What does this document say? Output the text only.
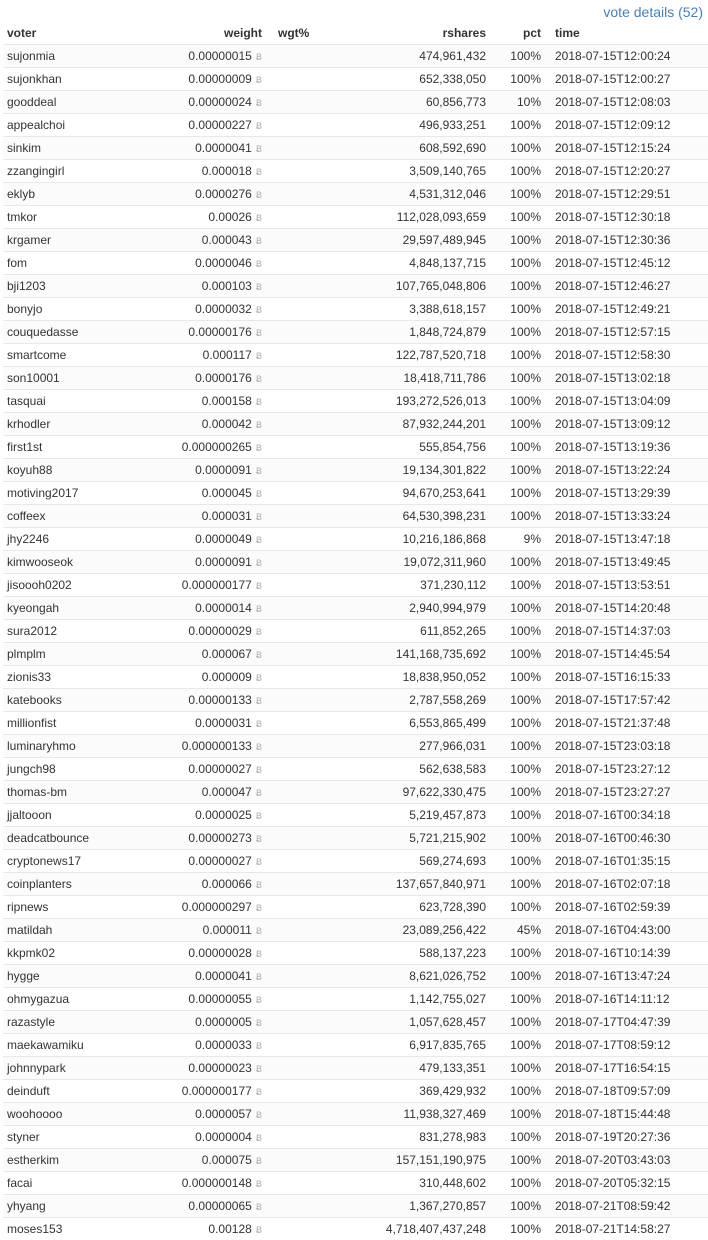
vote details (52)
voter	weight	wgt%	rshares	pct	time
sujonmia	0.00000015 Ƀ		474,961,432	100%	2018-07-15T12:00:24
sujonkhan	0.00000009 Ƀ		652,338,050	100%	2018-07-15T12:00:27
gooddeal	0.00000024 Ƀ		60,856,773	10%	2018-07-15T12:08:03
appealchoi	0.00000227 Ƀ		496,933,251	100%	2018-07-15T12:09:12
sinkim	0.0000041 Ƀ		608,592,690	100%	2018-07-15T12:15:24
zzangingirl	0.000018 Ƀ		3,509,140,765	100%	2018-07-15T12:20:27
eklyb	0.0000276 Ƀ		4,531,312,046	100%	2018-07-15T12:29:51
tmkor	0.00026 Ƀ		112,028,093,659	100%	2018-07-15T12:30:18
krgamer	0.000043 Ƀ		29,597,489,945	100%	2018-07-15T12:30:36
fom	0.0000046 Ƀ		4,848,137,715	100%	2018-07-15T12:45:12
bji1203	0.000103 Ƀ		107,765,048,806	100%	2018-07-15T12:46:27
bonyjo	0.0000032 Ƀ		3,388,618,157	100%	2018-07-15T12:49:21
couquedasse	0.00000176 Ƀ		1,848,724,879	100%	2018-07-15T12:57:15
smartcome	0.000117 Ƀ		122,787,520,718	100%	2018-07-15T12:58:30
son10001	0.0000176 Ƀ		18,418,711,786	100%	2018-07-15T13:02:18
tasquai	0.000158 Ƀ		193,272,526,013	100%	2018-07-15T13:04:09
krhodler	0.000042 Ƀ		87,932,244,201	100%	2018-07-15T13:09:12
first1st	0.000000265 Ƀ		555,854,756	100%	2018-07-15T13:19:36
koyuh88	0.0000091 Ƀ		19,134,301,822	100%	2018-07-15T13:22:24
motiving2017	0.000045 Ƀ		94,670,253,641	100%	2018-07-15T13:29:39
coffeex	0.000031 Ƀ		64,530,398,231	100%	2018-07-15T13:33:24
jhy2246	0.0000049 Ƀ		10,216,186,868	9%	2018-07-15T13:47:18
kimwooseok	0.0000091 Ƀ		19,072,311,960	100%	2018-07-15T13:49:45
jisoooh0202	0.000000177 Ƀ		371,230,112	100%	2018-07-15T13:53:51
kyeongah	0.0000014 Ƀ		2,940,994,979	100%	2018-07-15T14:20:48
sura2012	0.00000029 Ƀ		611,852,265	100%	2018-07-15T14:37:03
plmplm	0.000067 Ƀ		141,168,735,692	100%	2018-07-15T14:45:54
zionis33	0.000009 Ƀ		18,838,950,052	100%	2018-07-15T16:15:33
katebooks	0.00000133 Ƀ		2,787,558,269	100%	2018-07-15T17:57:42
millionfist	0.0000031 Ƀ		6,553,865,499	100%	2018-07-15T21:37:48
luminaryhmo	0.000000133 Ƀ		277,966,031	100%	2018-07-15T23:03:18
jungch98	0.00000027 Ƀ		562,638,583	100%	2018-07-15T23:27:12
thomas-bm	0.000047 Ƀ		97,622,330,475	100%	2018-07-15T23:27:27
jjaltooon	0.0000025 Ƀ		5,219,457,873	100%	2018-07-16T00:34:18
deadcatbounce	0.00000273 Ƀ		5,721,215,902	100%	2018-07-16T00:46:30
cryptonews17	0.00000027 Ƀ		569,274,693	100%	2018-07-16T01:35:15
coinplanters	0.000066 Ƀ		137,657,840,971	100%	2018-07-16T02:07:18
ripnews	0.000000297 Ƀ		623,728,390	100%	2018-07-16T02:59:39
matildah	0.000011 Ƀ		23,089,256,422	45%	2018-07-16T04:43:00
kkpmk02	0.00000028 Ƀ		588,137,223	100%	2018-07-16T10:14:39
hygge	0.0000041 Ƀ		8,621,026,752	100%	2018-07-16T13:47:24
ohmygazua	0.00000055 Ƀ		1,142,755,027	100%	2018-07-16T14:11:12
razastyle	0.0000005 Ƀ		1,057,628,457	100%	2018-07-17T04:47:39
maekawamiku	0.0000033 Ƀ		6,917,835,765	100%	2018-07-17T08:59:12
johnnypark	0.00000023 Ƀ		479,133,351	100%	2018-07-17T16:54:15
deinduft	0.000000177 Ƀ		369,429,932	100%	2018-07-18T09:57:09
woohoooo	0.0000057 Ƀ		11,938,327,469	100%	2018-07-18T15:44:48
styner	0.0000004 Ƀ		831,278,983	100%	2018-07-19T20:27:36
estherkim	0.000075 Ƀ		157,151,190,975	100%	2018-07-20T03:43:03
facai	0.000000148 Ƀ		310,448,602	100%	2018-07-20T05:32:15
yhyang	0.00000065 Ƀ		1,367,270,857	100%	2018-07-21T08:59:42
moses153	0.00128 Ƀ		4,718,407,437,248	100%	2018-07-21T14:58:27
